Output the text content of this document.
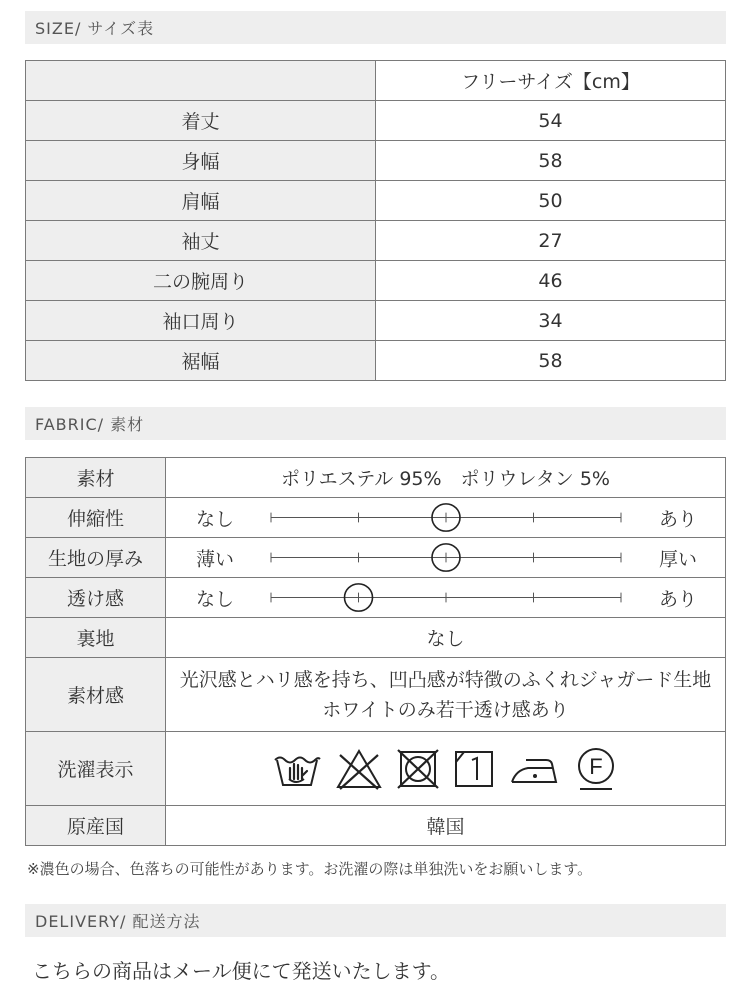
SIZE/ サイズ表
	フリーサイズ【cm】
着丈	54
身幅	58
肩幅	50
袖丈	27
二の腕周り	46
袖口周り	34
裾幅	58
FABRIC/ 素材
素材	ポリエステル 95%　ポリウレタン 5%
伸縮性	なし あり

生地の厚み	薄い 厚い

透け感	なし あり

裏地	なし
素材感	光沢感とハリ感を持ち、凹凸感が特徴のふくれジャガード生地
ホワイトのみ若干透け感あり

洗濯表示	F

原産国	韓国
※濃色の場合、色落ちの可能性があります。お洗濯の際は単独洗いをお願いします。
DELIVERY/ 配送方法
こちらの商品はメール便にて発送いたします。
